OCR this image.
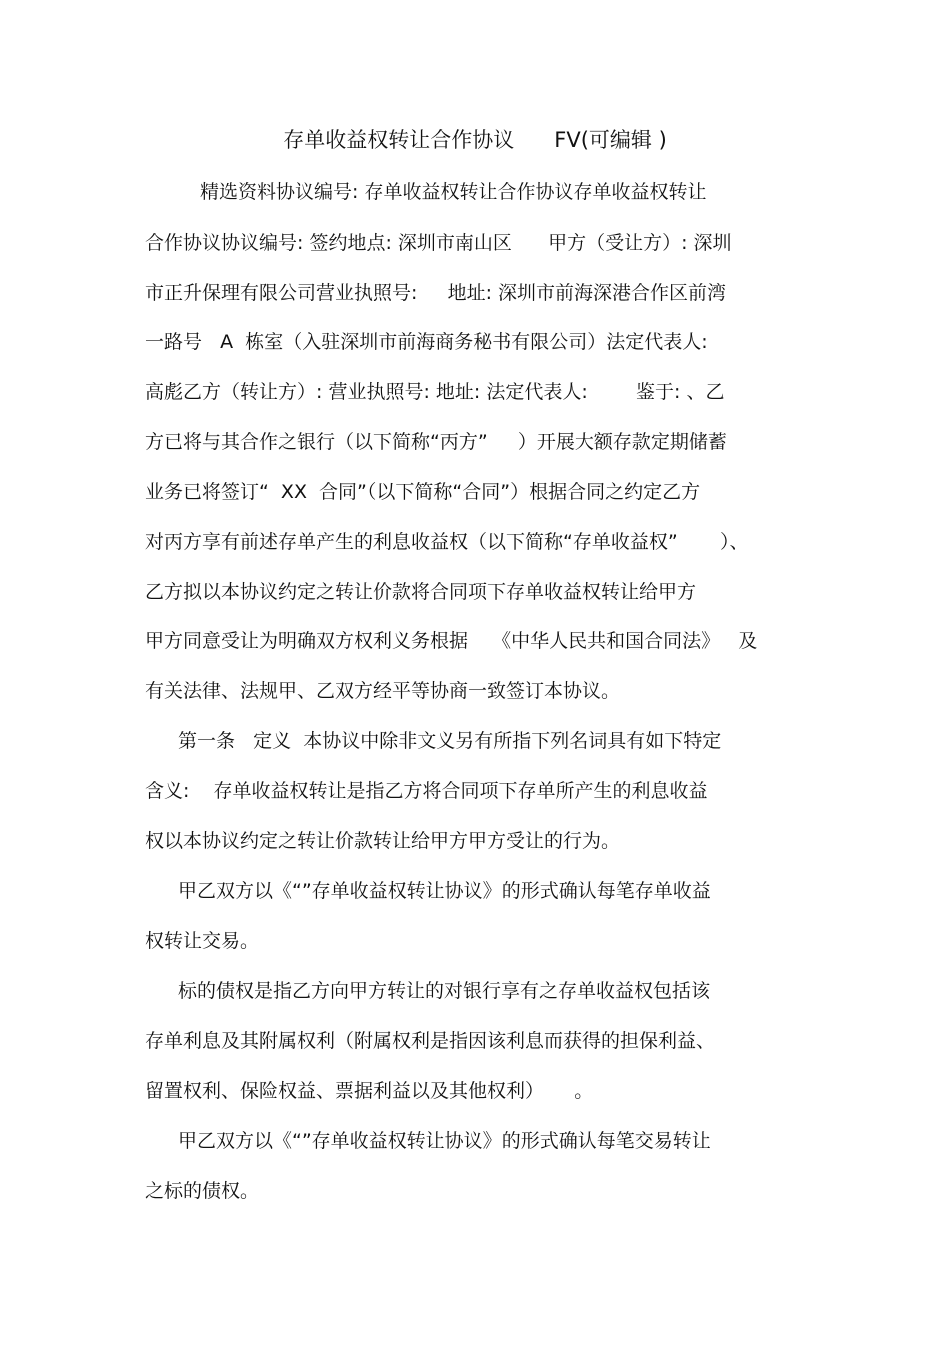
存单收益权转让合作协议      FV(可编辑 )
精选资料协议编号: 存单收益权转让合作协议存单收益权转让
合作协议协议编号: 签约地点: 深圳市南山区      甲方（受让方）: 深圳
市正升保理有限公司营业执照号:     地址: 深圳市前海深港合作区前湾
一路号   A  栋室（入驻深圳市前海商务秘书有限公司）法定代表人:
高彪乙方（转让方）: 营业执照号: 地址: 法定代表人:        鉴于: 、乙
方已将与其合作之银行（以下简称“丙方”     ）开展大额存款定期储蓄
业务已将签订“  XX  合同”（以下简称“合同”）根据合同之约定乙方
对丙方享有前述存单产生的利息收益权（以下简称“存单收益权”       ）、
乙方拟以本协议约定之转让价款将合同项下存单收益权转让给甲方
甲方同意受让为明确双方权利义务根据    《中华人民共和国合同法》   及
有关法律、法规甲、乙双方经平等协商一致签订本协议。
第一条   定义  本协议中除非文义另有所指下列名词具有如下特定
含义:    存单收益权转让是指乙方将合同项下存单所产生的利息收益
权以本协议约定之转让价款转让给甲方甲方受让的行为。
甲乙双方以《“”存单收益权转让协议》的形式确认每笔存单收益
权转让交易。
标的债权是指乙方向甲方转让的对银行享有之存单收益权包括该
存单利息及其附属权利（附属权利是指因该利息而获得的担保利益、
留置权利、保险权益、票据利益以及其他权利）     。
甲乙双方以《“”存单收益权转让协议》的形式确认每笔交易转让
之标的债权。
